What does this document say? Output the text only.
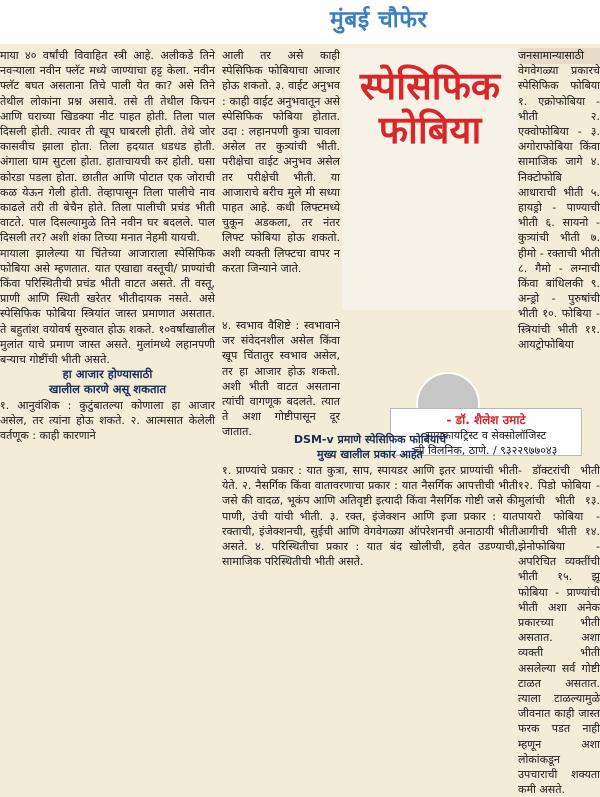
मुंबई चौफेर

माया ४० वर्षांची विवाहित स्त्री आहे. अलीकडे तिने नवऱ्याला नवीन फ्लॅट मध्ये जाण्याचा हट्ट केला. नवीन फ्लॅट बघत असताना तिचे पाली येत का? असे तिने तेथील लोकांना प्रश्न असावे. तसे ती तेथील किचन आणि घराच्या खिडक्या नीट पाहत होती. तिला पाल दिसली होती. त्यावर ती खूप घाबरली होती. तेथे जोर कासवीच झाला होता. तिला हदयात धडधड होती. अंगाला घाम सुटला होता. हाताचायची कर होती. घसा कोरडा पडला होता. छातीत आणि पोटात एक जोराची कळ येऊन गेली होती. तेव्हापासून तिला पालीचे नाव काढले तरी ती बेचैन होते. तिला पालीची प्रचंड भीती वाटते. पाल दिसल्यामुळे तिने नवीन घर बदलले. पाल दिसली तर? अशी शंका तिच्या मनात नेहमी यायची.

मायाला झालेल्या या चिंतेच्या आजाराला स्पेसिफिक फोबिया असे म्हणतात. यात एखाद्या वस्तूची/ प्राण्यांची किंवा परिस्थितीची प्रचंड भीती वाटत असते. ती वस्तू, प्राणी आणि स्थिती खरेतर भीतीदायक नसते. असे स्पेसिफिक फोबिया स्त्रियांत जास्त प्रमाणात असतात. ते बहुतांश वयोवर्ष सुरुवात होऊ शकते. १०वर्षांखालील मुलांत याचे प्रमाण जास्त असते. मुलांमध्ये लहानपणी बऱ्याच गोष्टींची भीती असते.

हा आजार होण्यासाठी
खालील कारणे असू शकतात

१. आनुवंशिक : कुटुंबातल्या कोणाला हा आजार असेल, तर त्यांना होऊ शकते. २. आत्मसात केलेली वर्तणूक : काही कारणाने

आली तर असे काही स्पेसिफिक फोबियाचा आजार होऊ शकतो. ३. वाईट अनुभव : काही वाईट अनुभवातून असे स्पेसिफिक फोबिया होतात. उदा : लहानपणी कुत्रा चावला असेल तर कुत्र्यांची भीती. परीक्षेचा वाईट अनुभव असेल तर परीक्षेची भीती. या आजाराचे बरीच मुले मी सध्या पाहत आहे. कधी लिफ्टमध्ये चुकून अडकला, तर नंतर लिफ्ट फोबिया होऊ शकतो. अशी व्यक्ती लिफ्टचा वापर न करता जिन्याने जाते.

४. स्वभाव वैशिष्टे : स्वभावाने जर संवेदनशील असेल किंवा खूप चिंतातुर स्वभाव असेल, तर हा आजार होऊ शकतो. अशी भीती वाटत असताना त्यांची वागणूक बदलते. त्यात ते अशा गोष्टीपासून दूर जातात.

स्पेसिफिक
फोबिया

जनसामान्यासाठी वेगवेगळ्या प्रकारचे स्पेसिफिक फोबिया १. एक्रोफोबिया - भीती २. एक्वोफोबिया - ३. अगोराफोबिया किंवा सामाजिक जागे ४. निक्टोफोबि आधाराची भीती ५. हायड्रो - पाण्याची भीती ६. सायनो - कुत्र्यांची भीती ७. हीमो - रक्ताची भीती ८. गैमो - लग्नाची किंवा बांधिलकी ९. अन्ड्रो - पुरुषांची भीती १०. फोबिया - स्त्रियांची भीती ११. आयट्रोफोबिया

- डॉ. शैलेश उमाटे
सायकायट्रिस्ट व सेक्सोलॉजिस्ट
ची विलनिक, ठाणे. / ९३२२९७७०४३
DSM-v प्रमाणे स्पेसिफिक फोबियाचे
मुख्य खालील प्रकार आहेत

१. प्राण्यांचे प्रकार : यात कुत्रा, साप, स्पायडर आणि इतर प्राण्यांची भीती येते. २. नैसर्गिक किंवा वातावरणाचा प्रकार : यात नैसर्गिक आपत्तीची भीती जसे की वादळ, भूकंप आणि अतिवृष्टी इत्यादी किंवा नैसर्गिक गोष्टी जसे की पाणी, उंची यांची भीती. ३. रक्त, इंजेक्शन आणि इजा प्रकार : यात रक्ताची, इंजेक्शनची, सुईची आणि वेगवेगळ्या ऑपरेशनची अनाठायी भीती असते. ४. परिस्थितीचा प्रकार : यात बंद खोलीची, हवेत उडण्याची, सामाजिक परिस्थितीची भीती असते.

- डॉक्टरांची भीती १२. पिडो फोबिया - मुलांची भीती १३. पायरो फोबिया - आगीची भीती १४. झेनोफोबिया - अपरिचित व्यक्तींची भीती १५. झू फोबिया - प्राण्यांची भीती अशा अनेक प्रकारच्या भीती असतात. अशा व्यक्ती भीती असलेल्या सर्व गोष्टी टाळत असतात. त्याला टाळल्यामुळे जीवनात काही जास्त फरक पडत नाही म्हणून अशा लोकांकडून उपचाराची शक्यता कमी असते.
